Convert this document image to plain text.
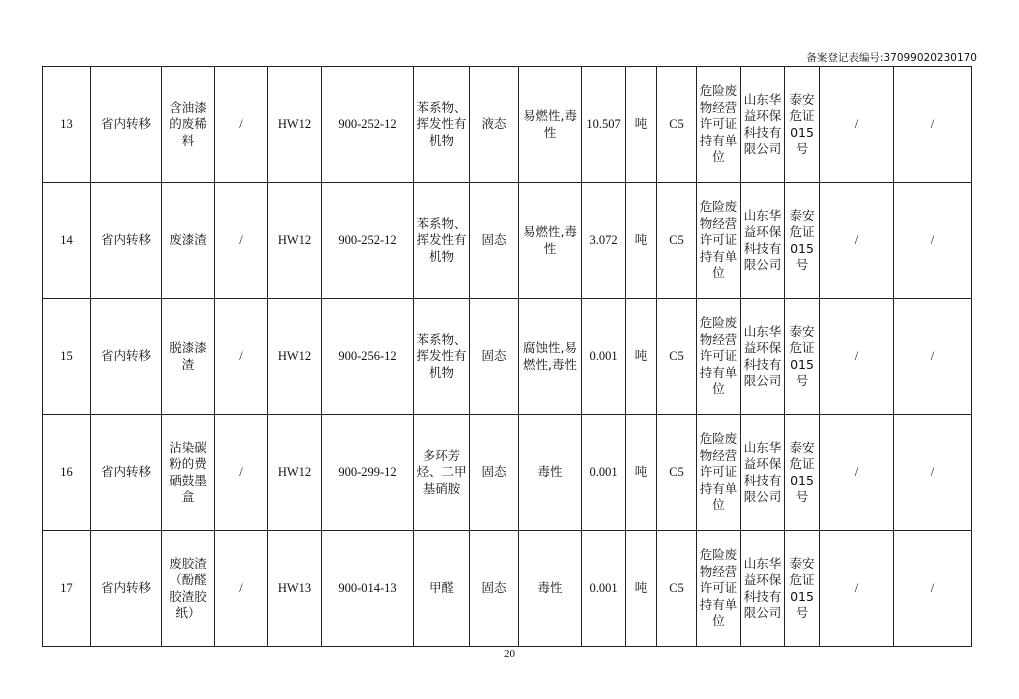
备案登记表编号:37099020230170
13	省内转移	含油漆的废稀料	/	HW12	900-252-12	苯系物、挥发性有机物	液态	易燃性,毒性	10.507	吨	C5	危险废物经营许可证持有单位	山东华益环保科技有限公司	泰安危证015号	/	/
14	省内转移	废漆渣	/	HW12	900-252-12	苯系物、挥发性有机物	固态	易燃性,毒性	3.072	吨	C5	危险废物经营许可证持有单位	山东华益环保科技有限公司	泰安危证015号	/	/
15	省内转移	脱漆漆渣	/	HW12	900-256-12	苯系物、挥发性有机物	固态	腐蚀性,易燃性,毒性	0.001	吨	C5	危险废物经营许可证持有单位	山东华益环保科技有限公司	泰安危证015号	/	/
16	省内转移	沾染碳粉的费硒鼓墨盒	/	HW12	900-299-12	多环芳烃、二甲基硝胺	固态	毒性	0.001	吨	C5	危险废物经营许可证持有单位	山东华益环保科技有限公司	泰安危证015号	/	/
17	省内转移	废胶渣（酚醛胶渣胶纸）	/	HW13	900-014-13	甲醛	固态	毒性	0.001	吨	C5	危险废物经营许可证持有单位	山东华益环保科技有限公司	泰安危证015号	/	/
20
